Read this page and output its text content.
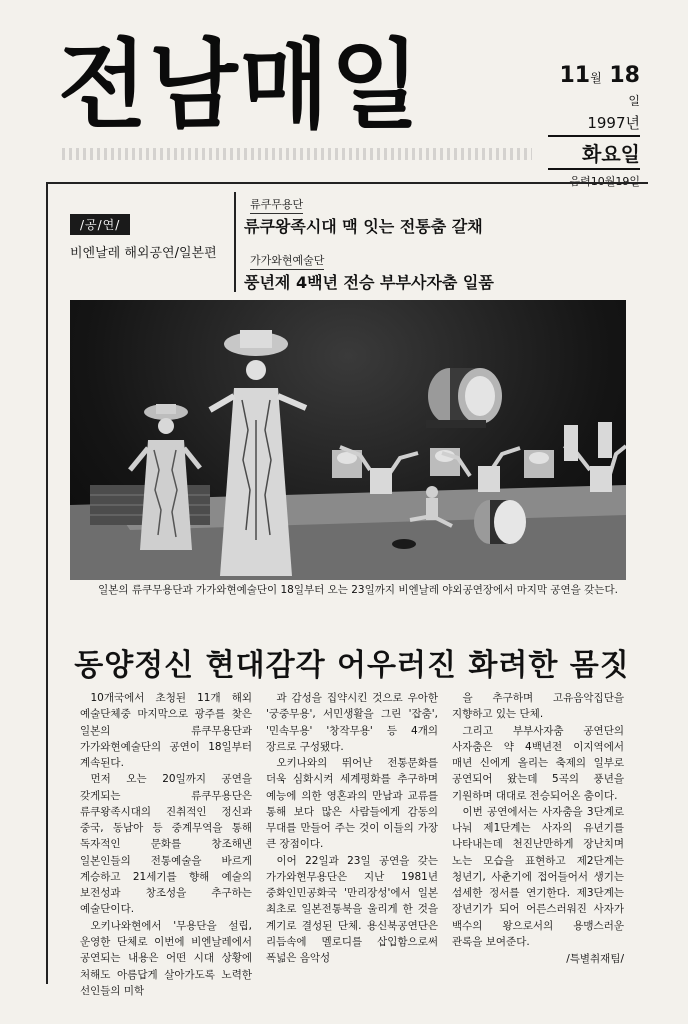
전남매일	11월 18일
1997년
화요일
음력10월19일
/공/연/
비엔날레 해외공연/일본편
류쿠무용단
류쿠왕족시대 맥 잇는 전통춤 갈채
가가와현예술단
풍년제 4백년 전승 부부사자춤 일품
일본의 류쿠무용단과 가가와현예술단이 18일부터 오는 23일까지 비엔날레 야외공연장에서 마지막 공연을 갖는다.
동양정신 현대감각 어우러진 화려한 몸짓

10개국에서 초청된 11개 해외 예술단체중 마지막으로 광주를 찾은 일본의 류쿠무용단과 가가와현예술단의 공연이 18일부터 계속된다.

먼저 오는 20일까지 공연을 갖게되는 류쿠무용단은 류쿠왕족시대의 진취적인 정신과 중국, 동남아 등 중계무역을 통해 독자적인 문화를 창조해낸 일본인들의 전통예술을 바르게 계승하고 21세기를 향해 예술의 보전성과 창조성을 추구하는 예술단이다.

오키나와현에서 '무용단을 설립, 운영한 단체로 이번에 비엔날레에서 공연되는 내용은 어떤 시대 상황에 처해도 아름답게 살아가도록 노력한 선인들의 미학

과 감성을 집약시킨 것으로 우아한 '궁중무용', 서민생활을 그린 '잡춤', '민속무용' '창작무용' 등 4개의 장르로 구성됐다.

오키나와의 뛰어난 전통문화를 더욱 심화시켜 세계평화를 추구하며 예능에 의한 영혼과의 만남과 교류를 통해 보다 많은 사람들에게 감동의 무대를 만들어 주는 것이 이들의 가장 큰 장점이다.

이어 22일과 23일 공연을 갖는 가가와현무용단은 지난 1981년 중화인민공화국 '만리장성'에서 일본 최초로 일본전통북을 울리게 한 것을 계기로 결성된 단체. 용신북공연단은 리듬속에 멜로디를 삽입함으로써 폭넓은 음악성

을 추구하며 고유음악집단을 지향하고 있는 단체.

그리고 부부사자춤 공연단의 사자춤은 약 4백년전 이지역에서 매년 신에게 올리는 축제의 일부로 공연되어 왔는데 5곡의 풍년을 기원하며 대대로 전승되어온 춤이다.

이번 공연에서는 사자춤을 3단계로 나눠 제1단계는 사자의 유년기를 나타내는데 천진난만하게 장난치며 노는 모습을 표현하고 제2단계는 청년기, 사춘기에 접어들어서 생기는 섬세한 정서를 연기한다. 제3단계는 장년기가 되어 어른스러워진 사자가 백수의 왕으로서의 용맹스러운 관록을 보여준다.

/특별취재팀/
